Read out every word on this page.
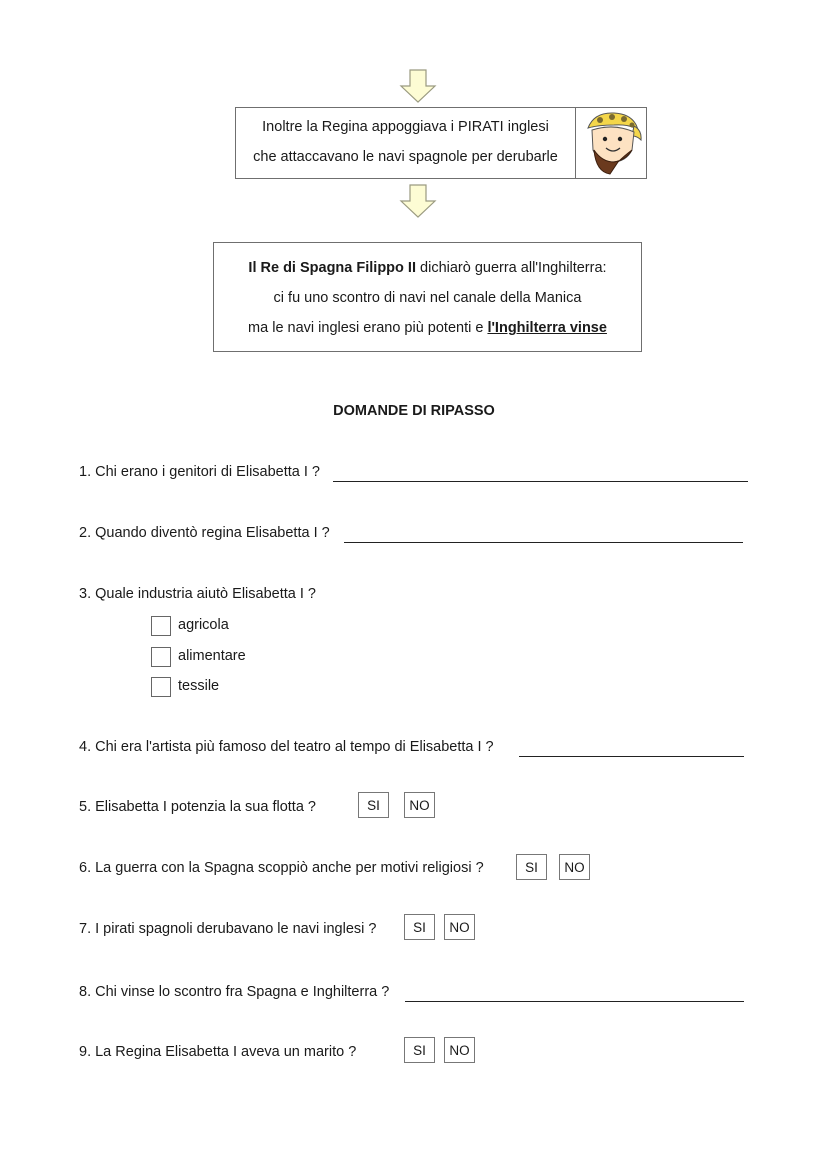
Inoltre la Regina appoggiava i PIRATI inglesi
che attaccavano le navi spagnole per derubarle
Il Re di Spagna Filippo II dichiarò guerra all'Inghilterra:
ci fu uno scontro di navi nel canale della Manica
ma le navi inglesi erano più potenti e l'Inghilterra vinse
DOMANDE DI RIPASSO
1. Chi erano i genitori di Elisabetta I ?
2. Quando diventò regina Elisabetta I ?
3. Quale industria aiutò Elisabetta I ?
agricola
alimentare
tessile
4. Chi era l'artista più famoso del teatro al tempo di Elisabetta I ?
5. Elisabetta I potenzia la sua flotta ?	SI	NO
6. La guerra con la Spagna scoppiò anche per motivi religiosi ?	SI	NO
7. I pirati spagnoli derubavano le navi inglesi ?	SI	NO
8. Chi vinse lo scontro fra Spagna e Inghilterra ?
9. La Regina Elisabetta I aveva un marito ?	SI	NO
